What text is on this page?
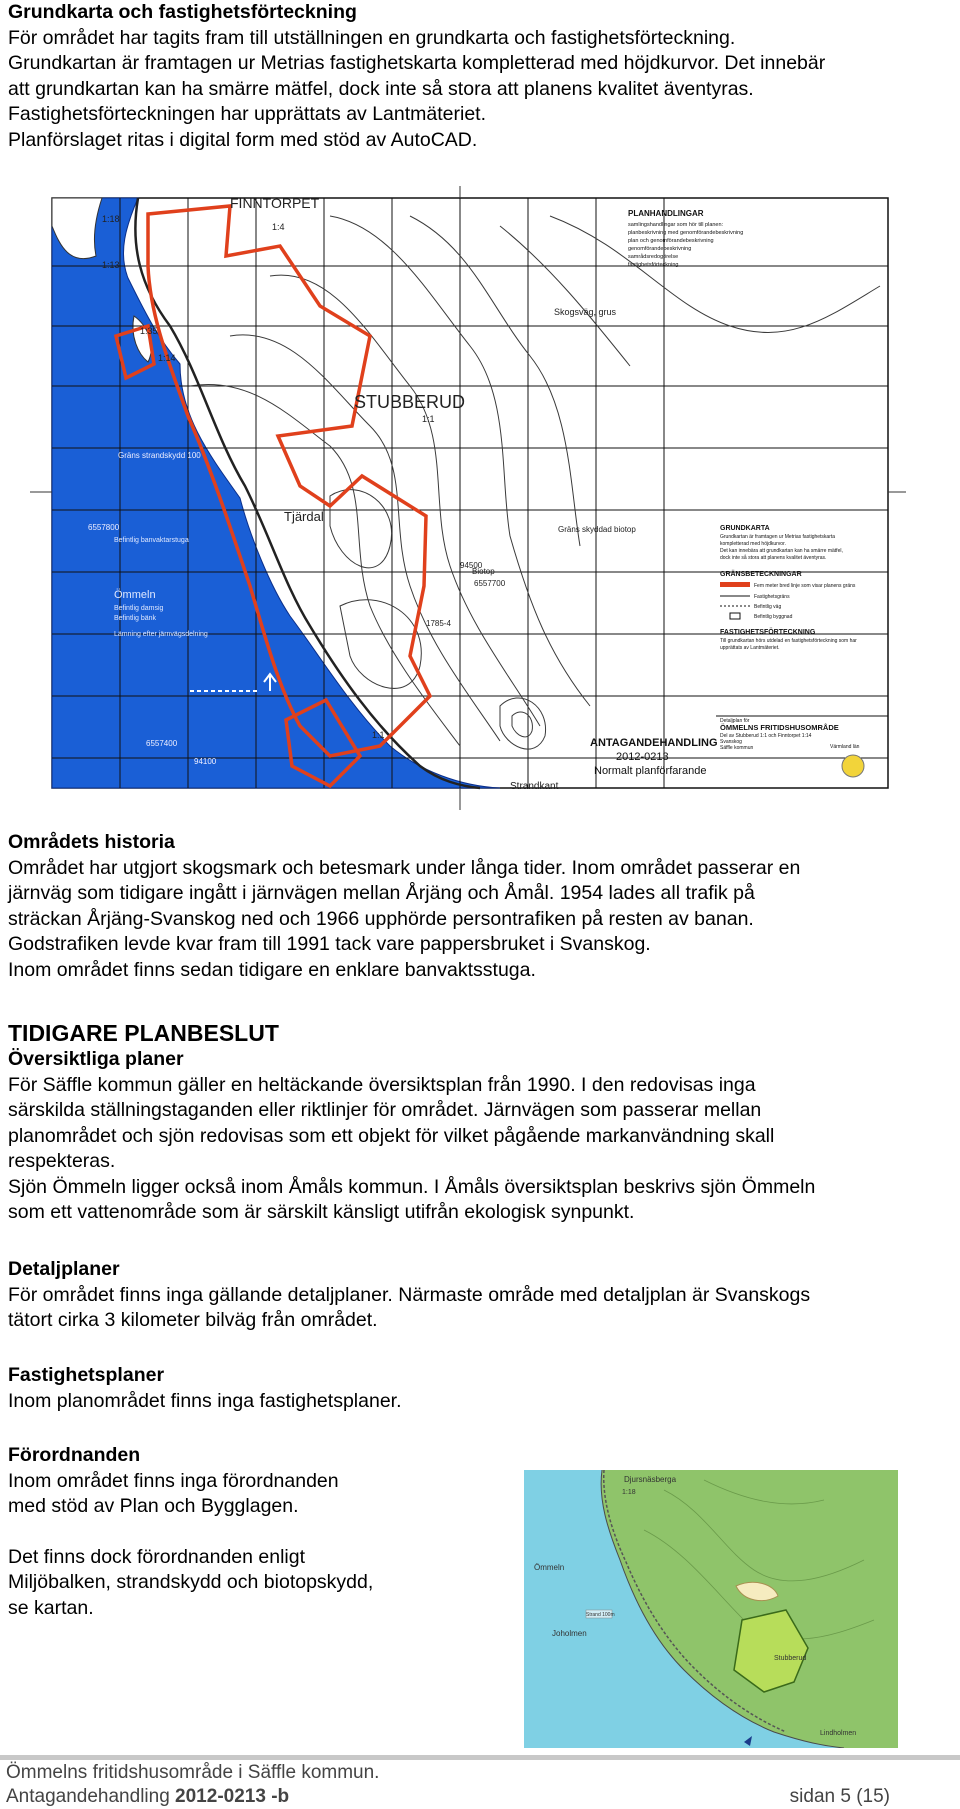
Grundkarta och fastighetsförteckning

För området har tagits fram till utställningen en grundkarta och fastighetsförteckning.

Grundkartan är framtagen ur Metrias fastighetskarta kompletterad med höjdkurvor. Det innebär

att grundkartan kan ha smärre mätfel, dock inte så stora att planens kvalitet äventyras.

Fastighetsförteckningen har upprättats av Lantmäteriet.

Planförslaget ritas i digital form med stöd av AutoCAD.

FINNTORPET
STUBBERUD
Tjärdal
Skogsväg, grus
Gräns strandskydd 100
Gräns skyddad biotop
Ömmeln
Befintlig damsig
Befintlig bänk
Lämning efter järnvägsdelning
Befintlig banvaktarstuga
Biotop
Strandkant
1:18
1:13
1:35
1:14
1:4
1:1
1:1
6557800
6557400
94100
94500
1785-4
6557700
PLANHANDLINGAR
samlingshandlingar som hör till planen:
planbeskrivning med genomförandebeskrivning
plan och genomförandebeskrivning
genomförandebeskrivning
samrådsredogörelse
fastighetsförteckning
GRUNDKARTA
Grundkartan är framtagen ur Metrias fastighetskarta
kompletterad med höjdkurvor.
Det kan innebära att grundkartan kan ha smärre mätfel,
dock inte så stora att planens kvalitet äventyras.
GRÄNSBETECKNINGAR
Fem meter bred linje som visar planens gräns
Fastighetsgräns
Befintlig väg
Befintlig byggnad
FASTIGHETSFÖRTECKNING
Till grundkartan hörs utdelad en fastighetsförteckning som har
upprättats av Lantmäteriet.
Detaljplan för
ÖMMELNS FRITIDSHUSOMRÅDE
Del av Stubberud 1:1 och Finntorpet 1:14
Svanskog
Säffle kommun	Värmland län
ANTAGANDEHANDLING
2012-0213
Normalt planförfarande
Områdets historia

Området har utgjort skogsmark och betesmark under långa tider. Inom området passerar en

järnväg som tidigare ingått i järnvägen mellan Årjäng och Åmål. 1954 lades all trafik på

sträckan Årjäng-Svanskog ned och 1966 upphörde persontrafiken på resten av banan.

Godstrafiken levde kvar fram till 1991 tack vare pappersbruket i Svanskog.

Inom området finns sedan tidigare en enklare banvaktsstuga.

TIDIGARE PLANBESLUT
Översiktliga planer

För Säffle kommun gäller en heltäckande översiktsplan från 1990. I den redovisas inga

särskilda ställningstaganden eller riktlinjer för området. Järnvägen som passerar mellan

planområdet och sjön redovisas som ett objekt för vilket pågående markanvändning skall

respekteras.

Sjön Ömmeln ligger också inom Åmåls kommun. I Åmåls översiktsplan beskrivs sjön Ömmeln

som ett vattenområde som är särskilt känsligt utifrån ekologisk synpunkt.

Detaljplaner

För området finns inga gällande detaljplaner. Närmaste område med detaljplan är Svanskogs

tätort cirka 3 kilometer bilväg från området.

Fastighetsplaner

Inom planområdet finns inga fastighetsplaner.

Förordnanden

Inom området finns inga förordnanden

med stöd av Plan och Bygglagen.

Det finns dock förordnanden enligt

Miljöbalken, strandskydd och biotopskydd,

se kartan.

Djursnäsberga
1:18
Strand 100m
Ömmeln
Stubberud
Joholmen
Lindholmen
Ömmelns fritidshusområde i Säffle kommun.
Antagandehandling 2012-0213 -b	sidan 5 (15)
